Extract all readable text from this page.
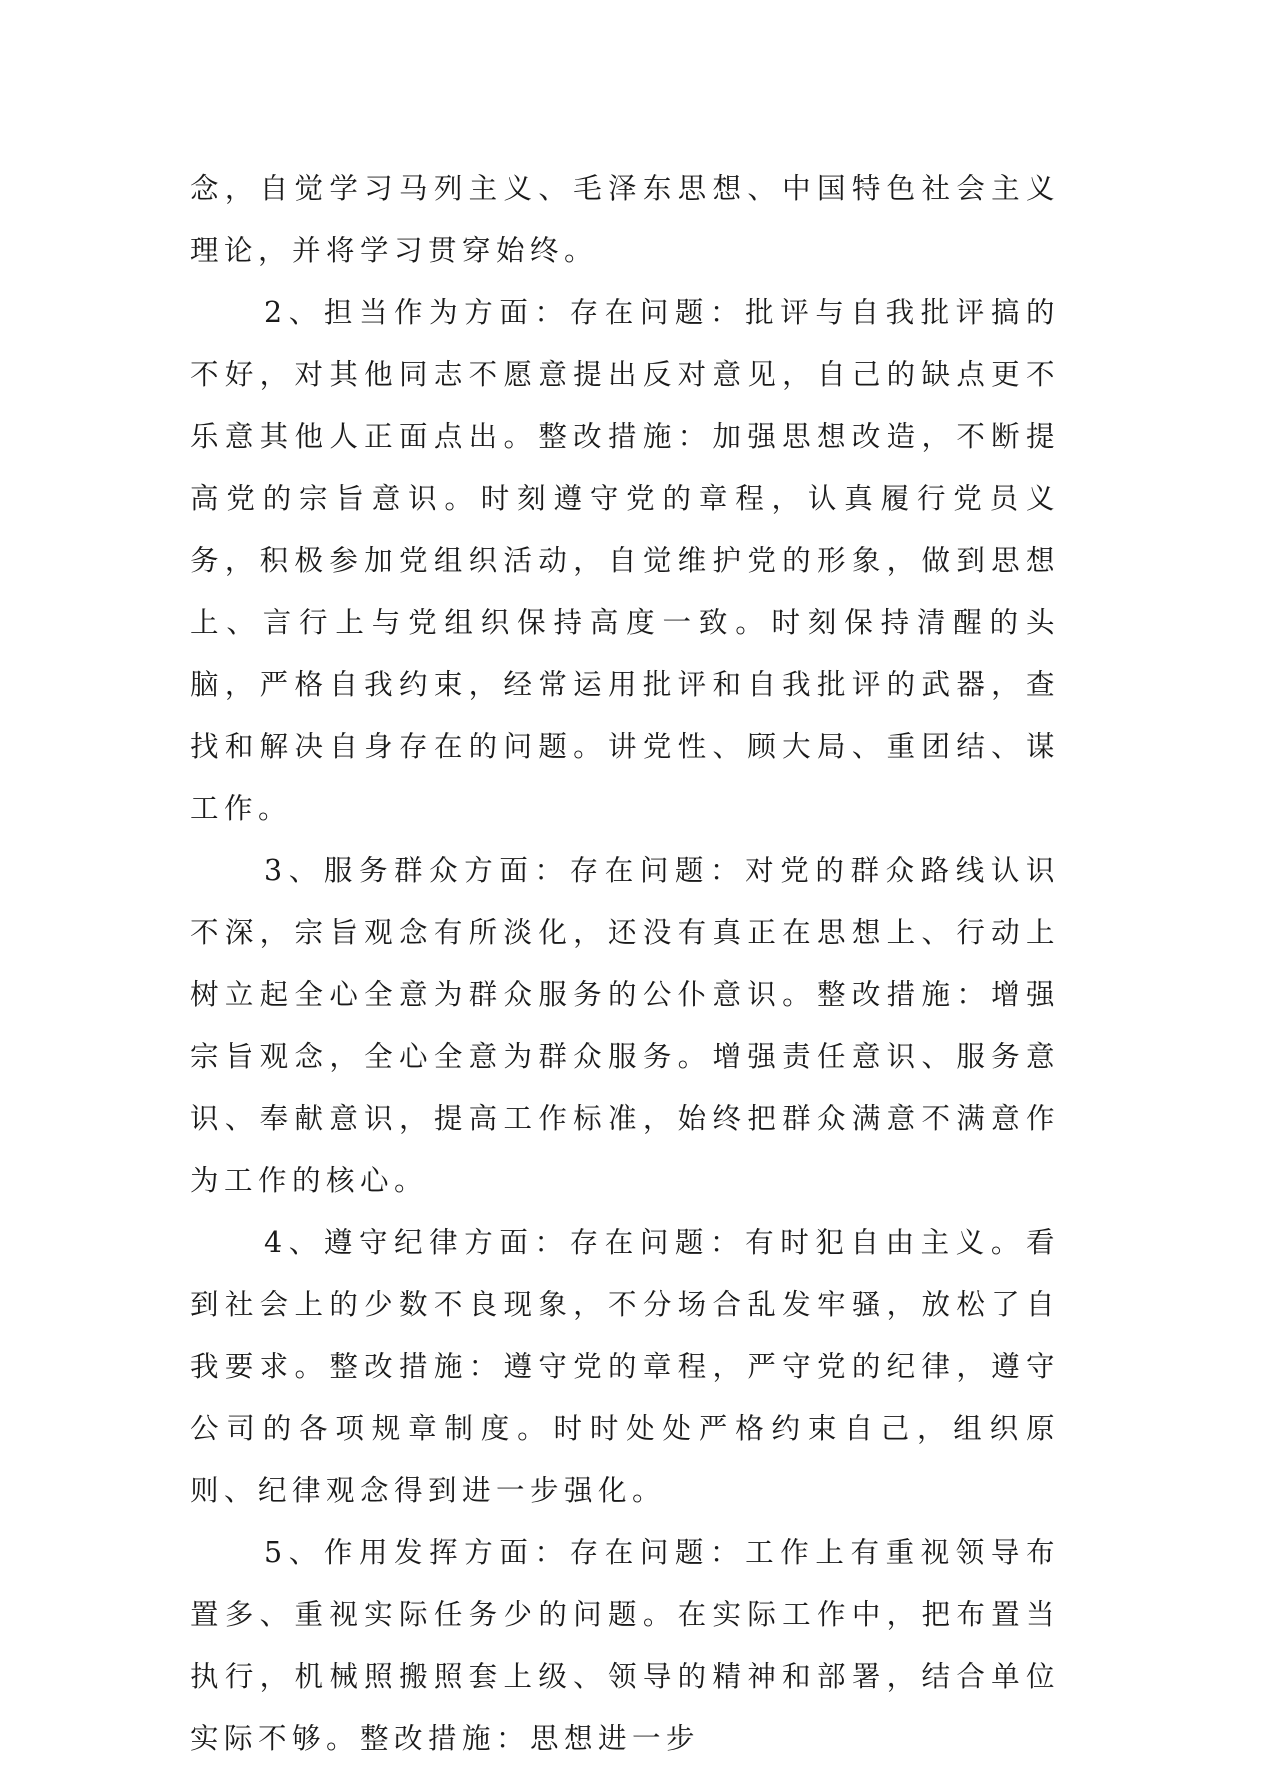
念，自觉学习马列主义、毛泽东思想、中国特色社会主义理论，并将学习贯穿始终。

2、担当作为方面：存在问题：批评与自我批评搞的不好，对其他同志不愿意提出反对意见，自己的缺点更不乐意其他人正面点出。整改措施：加强思想改造，不断提高党的宗旨意识。时刻遵守党的章程，认真履行党员义务，积极参加党组织活动，自觉维护党的形象，做到思想上、言行上与党组织保持高度一致。时刻保持清醒的头脑，严格自我约束，经常运用批评和自我批评的武器，查找和解决自身存在的问题。讲党性、顾大局、重团结、谋工作。

3、服务群众方面：存在问题：对党的群众路线认识不深，宗旨观念有所淡化，还没有真正在思想上、行动上树立起全心全意为群众服务的公仆意识。整改措施：增强宗旨观念，全心全意为群众服务。增强责任意识、服务意识、奉献意识，提高工作标准，始终把群众满意不满意作为工作的核心。

4、遵守纪律方面：存在问题：有时犯自由主义。看到社会上的少数不良现象，不分场合乱发牢骚，放松了自我要求。整改措施：遵守党的章程，严守党的纪律，遵守公司的各项规章制度。时时处处严格约束自己，组织原则、纪律观念得到进一步强化。

5、作用发挥方面：存在问题：工作上有重视领导布置多、重视实际任务少的问题。在实际工作中，把布置当执行，机械照搬照套上级、领导的精神和部署，结合单位实际不够。整改措施：思想进一步
